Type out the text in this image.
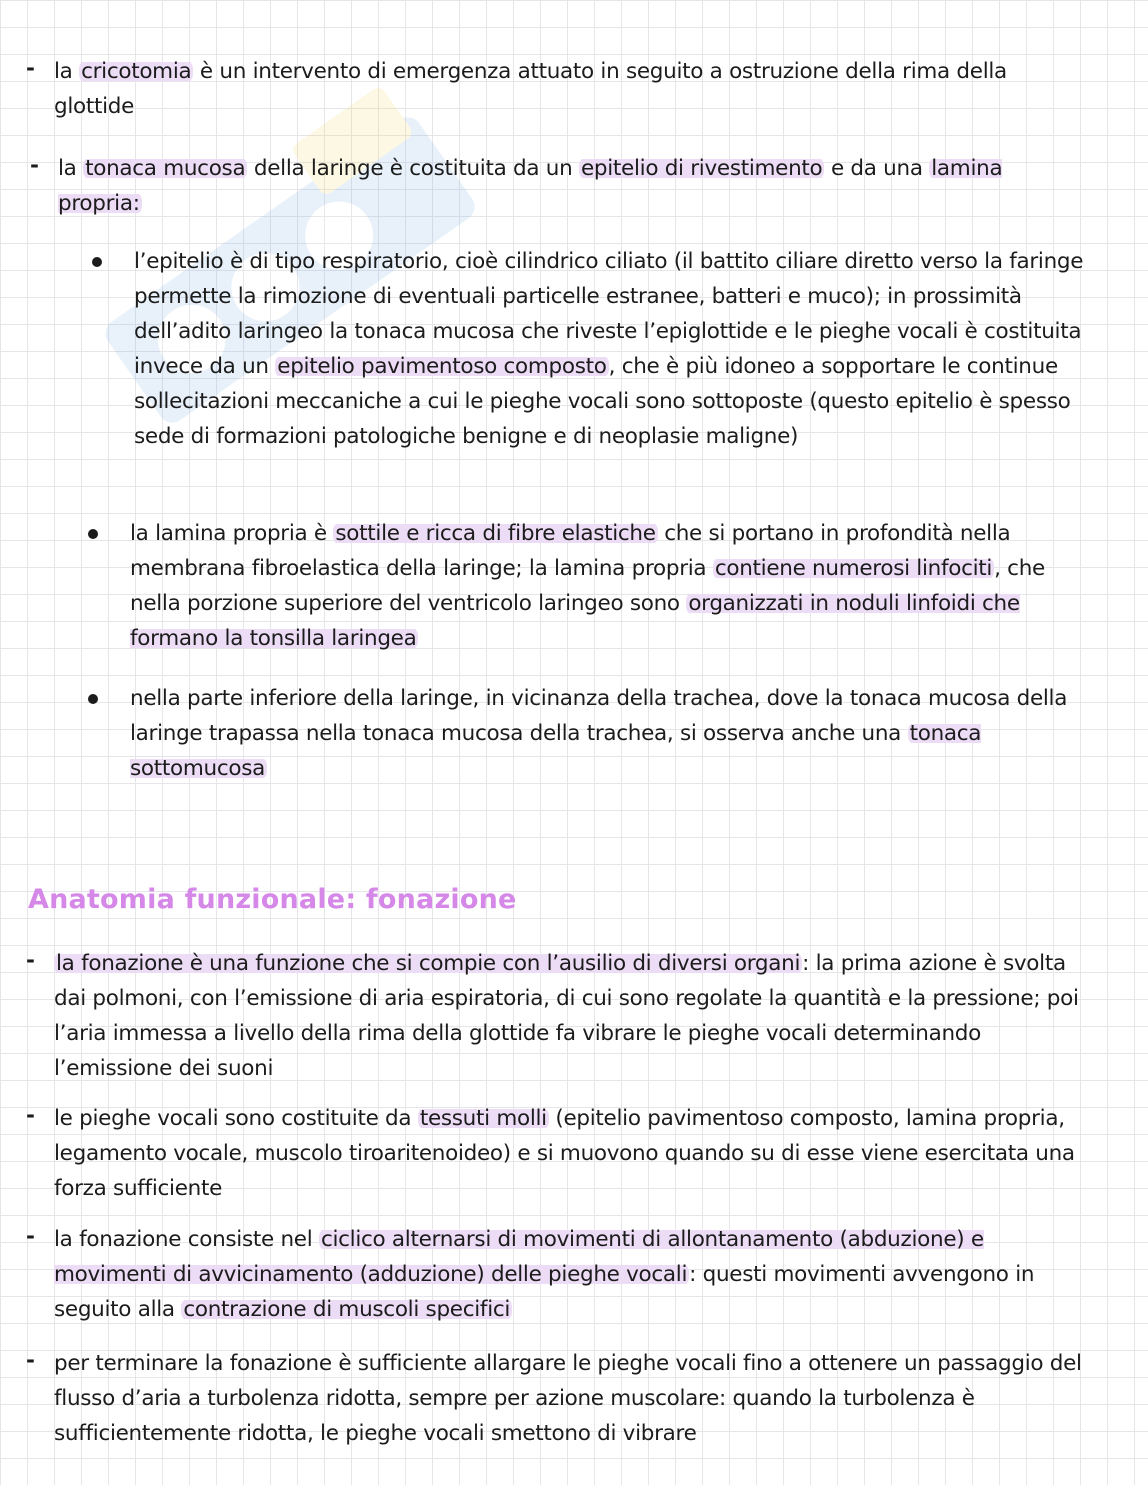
- la cricotomia è un intervento di emergenza attuato in seguito a ostruzione della rima della glottide
- la tonaca mucosa della laringe è costituita da un epitelio di rivestimento e da una lamina propria:
l’epitelio è di tipo respiratorio, cioè cilindrico ciliato (il battito ciliare diretto verso la faringe permette la rimozione di eventuali particelle estranee, batteri e muco); in prossimità dell’adito laringeo la tonaca mucosa che riveste l’epiglottide e le pieghe vocali è costituita invece da un epitelio pavimentoso composto, che è più idoneo a sopportare le continue sollecitazioni meccaniche a cui le pieghe vocali sono sottoposte (questo epitelio è spesso sede di formazioni patologiche benigne e di neoplasie maligne)
la lamina propria è sottile e ricca di fibre elastiche che si portano in profondità nella membrana fibroelastica della laringe; la lamina propria contiene numerosi linfociti, che nella porzione superiore del ventricolo laringeo sono organizzati in noduli linfoidi che formano la tonsilla laringea
nella parte inferiore della laringe, in vicinanza della trachea, dove la tonaca mucosa della laringe trapassa nella tonaca mucosa della trachea, si osserva anche una tonaca sottomucosa
Anatomia funzionale: fonazione
- la fonazione è una funzione che si compie con l’ausilio di diversi organi: la prima azione è svolta dai polmoni, con l’emissione di aria espiratoria, di cui sono regolate la quantità e la pressione; poi l’aria immessa a livello della rima della glottide fa vibrare le pieghe vocali determinando l’emissione dei suoni
- le pieghe vocali sono costituite da tessuti molli (epitelio pavimentoso composto, lamina propria, legamento vocale, muscolo tiroaritenoideo) e si muovono quando su di esse viene esercitata una forza sufficiente
- la fonazione consiste nel ciclico alternarsi di movimenti di allontanamento (abduzione) e movimenti di avvicinamento (adduzione) delle pieghe vocali: questi movimenti avvengono in seguito alla contrazione di muscoli specifici
- per terminare la fonazione è sufficiente allargare le pieghe vocali fino a ottenere un passaggio del flusso d’aria a turbolenza ridotta, sempre per azione muscolare: quando la turbolenza è sufficientemente ridotta, le pieghe vocali smettono di vibrare
